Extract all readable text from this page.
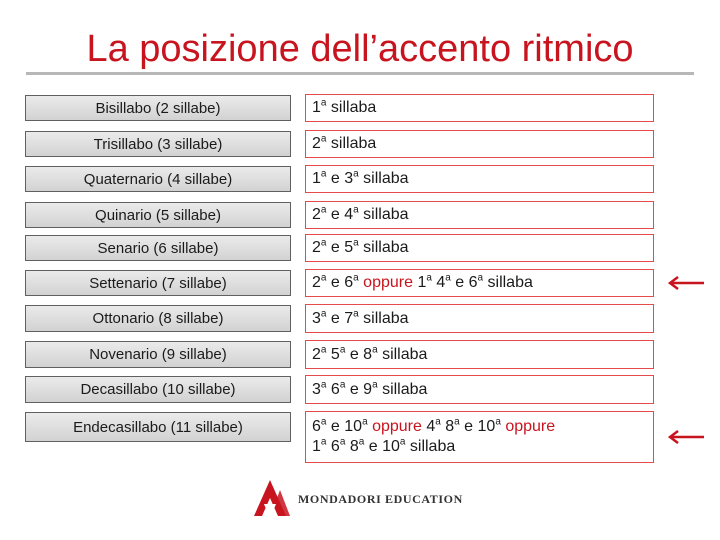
La posizione dell’accento ritmico
Bisillabo (2 sillabe)	1$^a$ sillaba
Trisillabo (3 sillabe)	2$^a$ sillaba
Quaternario (4 sillabe)	1$^a$ e 3$^a$ sillaba
Quinario (5 sillabe)	2$^a$ e 4$^a$ sillaba
Senario (6 sillabe)	2$^a$ e 5$^a$ sillaba
Settenario (7 sillabe)	2$^a$ e 6$^a$ oppure 1$^a$ 4$^a$ e 6$^a$ sillaba
Ottonario (8 sillabe)	3$^a$ e 7$^a$ sillaba
Novenario (9 sillabe)	2$^a$ 5$^a$ e 8$^a$ sillaba
Decasillabo (10 sillabe)	3$^a$ 6$^a$ e 9$^a$ sillaba
Endecasillabo (11 sillabe)	6$^a$ e 10$^a$ oppure 4$^a$ 8$^a$ e 10$^a$ oppure
1$^a$ 6$^a$ 8$^a$ e 10$^a$ sillaba
MONDADORI EDUCATION
